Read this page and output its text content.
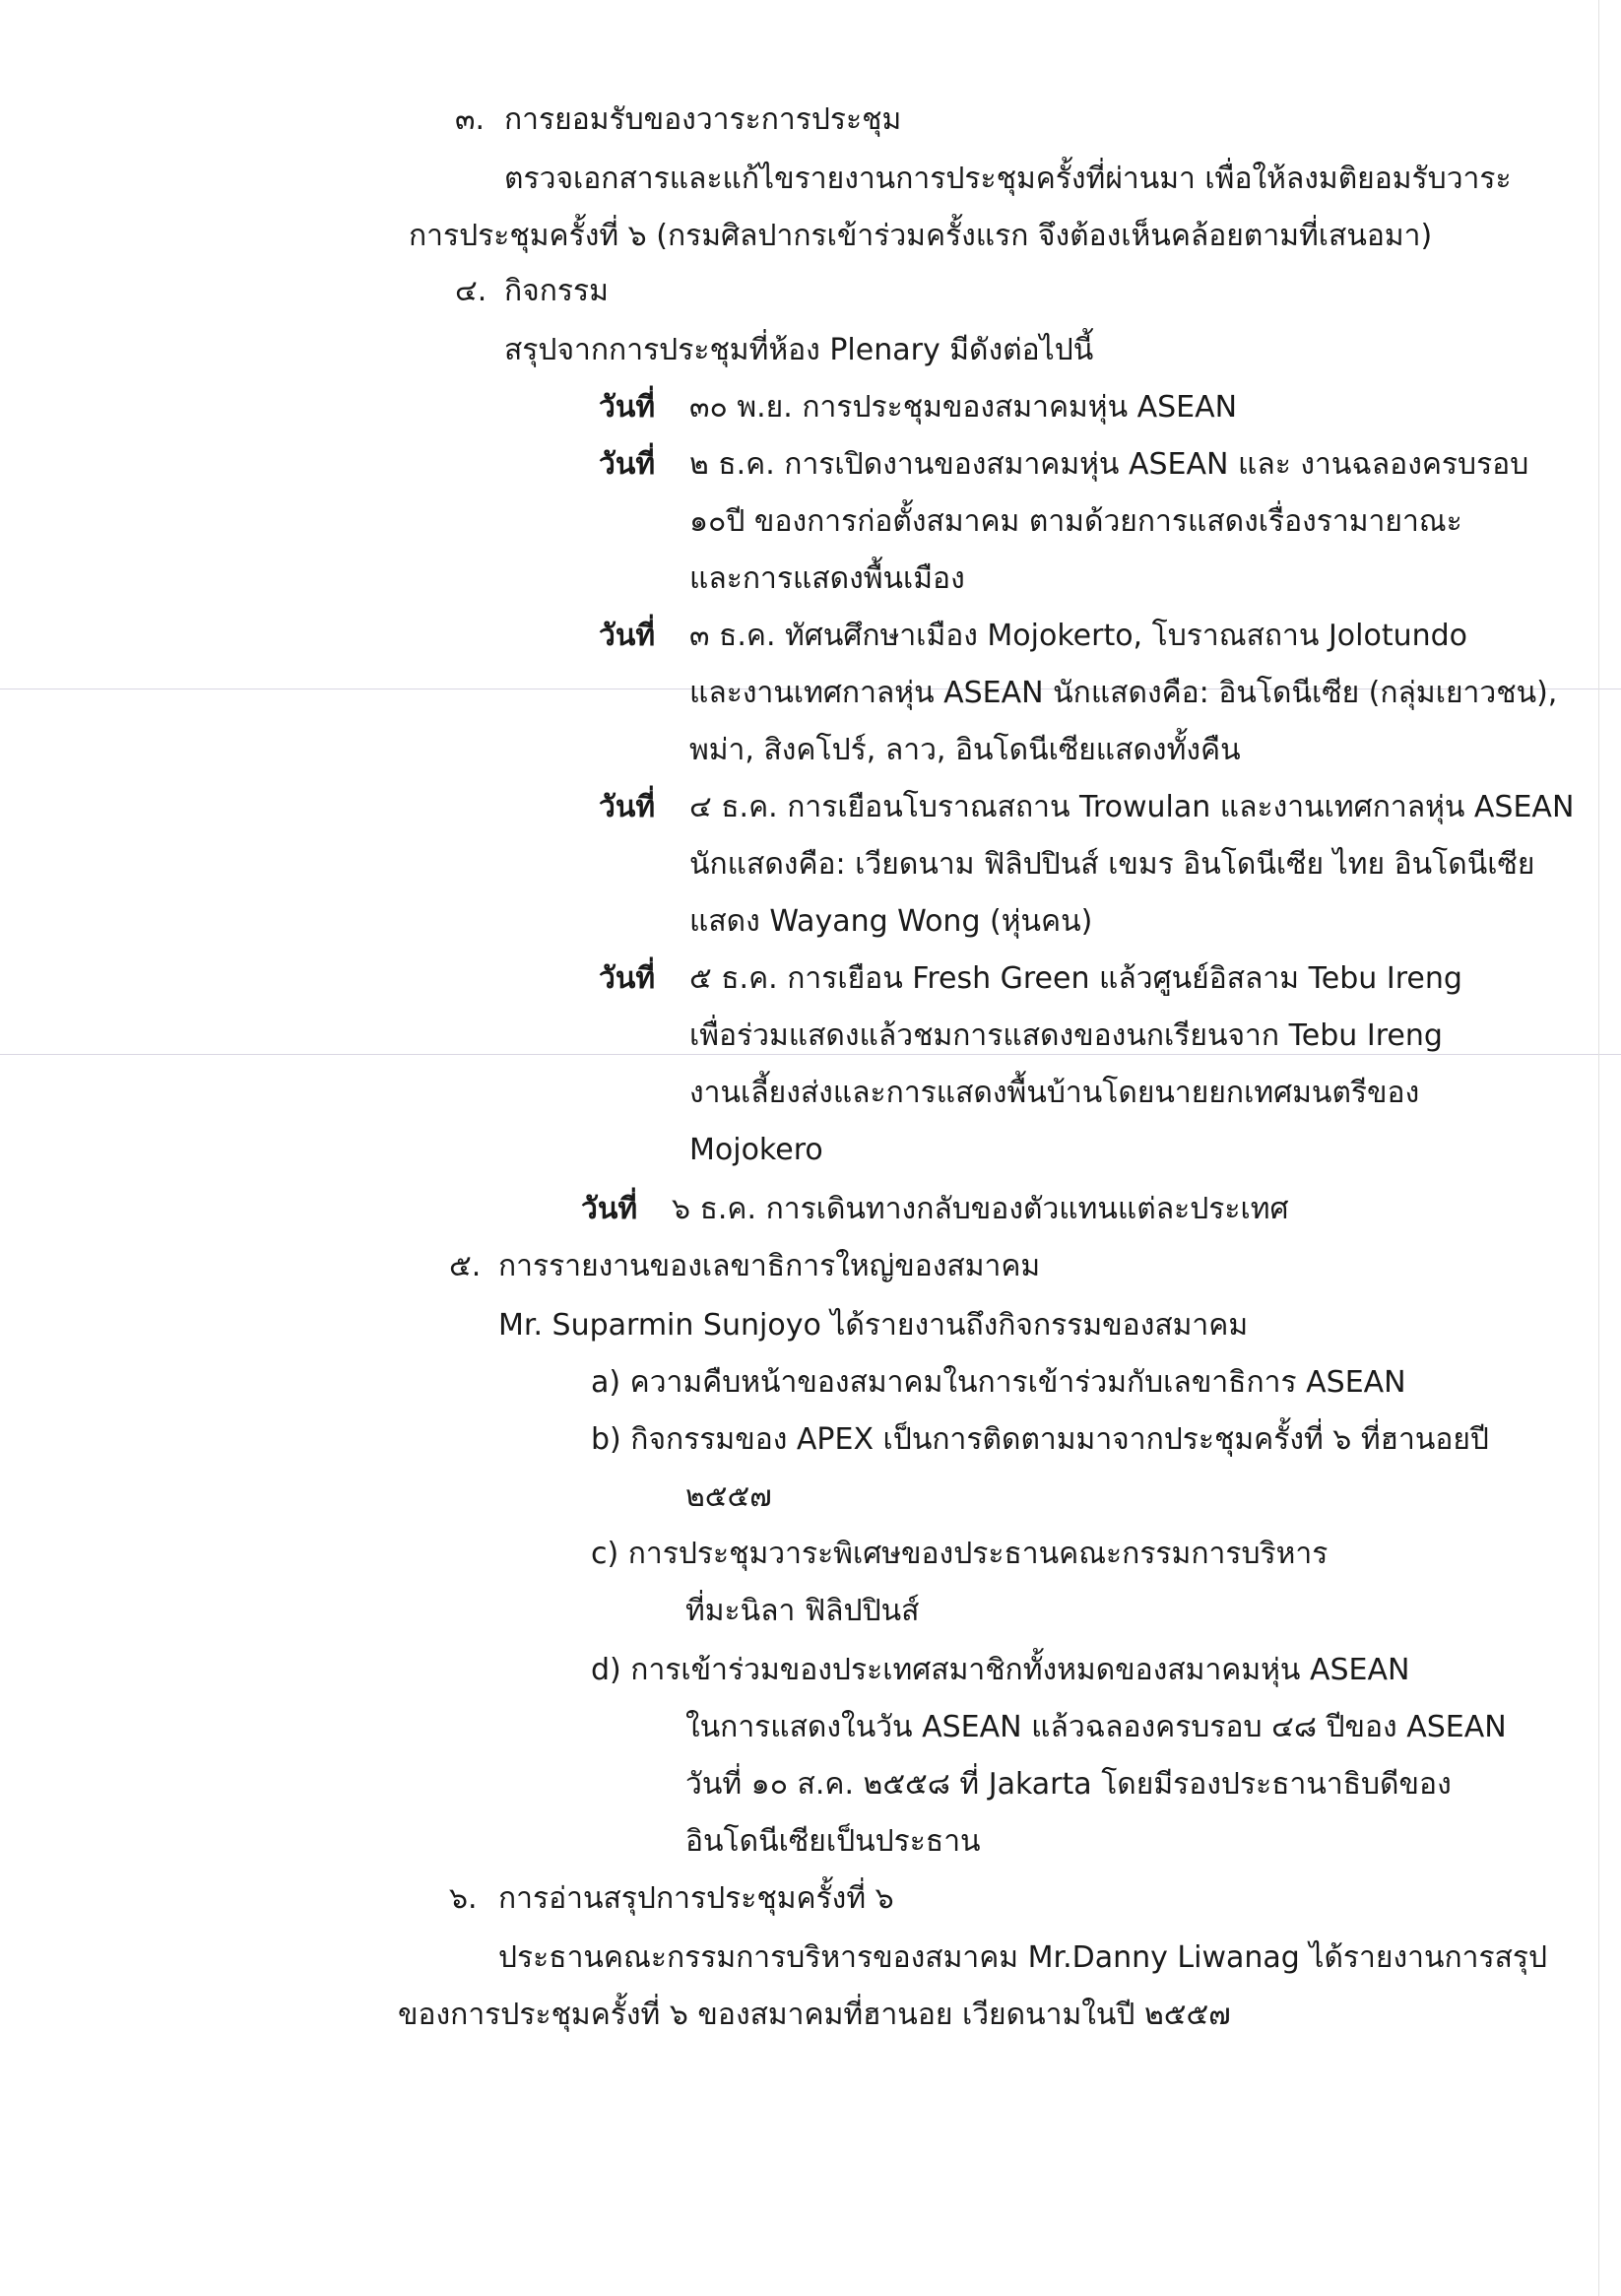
๓. การยอมรับของวาระการประชุม
ตรวจเอกสารและแก้ไขรายงานการประชุมครั้งที่ผ่านมา เพื่อให้ลงมติยอมรับวาระ
การประชุมครั้งที่ ๖ (กรมศิลปากรเข้าร่วมครั้งแรก จึงต้องเห็นคล้อยตามที่เสนอมา)
๔. กิจกรรม
สรุปจากการประชุมที่ห้อง Plenary มีดังต่อไปนี้
วันที่ ๓๐ พ.ย. การประชุมของสมาคมหุ่น ASEAN
วันที่ ๒ ธ.ค. การเปิดงานของสมาคมหุ่น ASEAN และ งานฉลองครบรอบ
๑๐ปี ของการก่อตั้งสมาคม ตามด้วยการแสดงเรื่องรามายาณะ
และการแสดงพื้นเมือง
วันที่ ๓ ธ.ค. ทัศนศึกษาเมือง Mojokerto, โบราณสถาน Jolotundo
และงานเทศกาลหุ่น ASEAN นักแสดงคือ: อินโดนีเซีย (กลุ่มเยาวชน),
พม่า, สิงคโปร์, ลาว, อินโดนีเซียแสดงทั้งคืน
วันที่ ๔ ธ.ค. การเยือนโบราณสถาน Trowulan และงานเทศกาลหุ่น ASEAN
นักแสดงคือ: เวียดนาม ฟิลิปปินส์ เขมร อินโดนีเซีย ไทย อินโดนีเซีย
แสดง Wayang Wong (หุ่นคน)
วันที่ ๕ ธ.ค. การเยือน Fresh Green แล้วศูนย์อิสลาม Tebu Ireng
เพื่อร่วมแสดงแล้วชมการแสดงของนกเรียนจาก Tebu Ireng
งานเลี้ยงส่งและการแสดงพื้นบ้านโดยนายยกเทศมนตรีของ
Mojokero
วันที่ ๖ ธ.ค. การเดินทางกลับของตัวแทนแต่ละประเทศ
๕. การรายงานของเลขาธิการใหญ่ของสมาคม
Mr. Suparmin Sunjoyo ได้รายงานถึงกิจกรรมของสมาคม
a) ความคืบหน้าของสมาคมในการเข้าร่วมกับเลขาธิการ ASEAN
b) กิจกรรมของ APEX เป็นการติดตามมาจากประชุมครั้งที่ ๖ ที่ฮานอยปี
๒๕๕๗
c) การประชุมวาระพิเศษของประธานคณะกรรมการบริหาร
ที่มะนิลา ฟิลิปปินส์
d) การเข้าร่วมของประเทศสมาชิกทั้งหมดของสมาคมหุ่น ASEAN
ในการแสดงในวัน ASEAN แล้วฉลองครบรอบ ๔๘ ปีของ ASEAN
วันที่ ๑๐ ส.ค. ๒๕๕๘ ที่ Jakarta โดยมีรองประธานาธิบดีของ
อินโดนีเซียเป็นประธาน
๖. การอ่านสรุปการประชุมครั้งที่ ๖
ประธานคณะกรรมการบริหารของสมาคม Mr.Danny Liwanag ได้รายงานการสรุป
ของการประชุมครั้งที่ ๖ ของสมาคมที่ฮานอย เวียดนามในปี ๒๕๕๗
